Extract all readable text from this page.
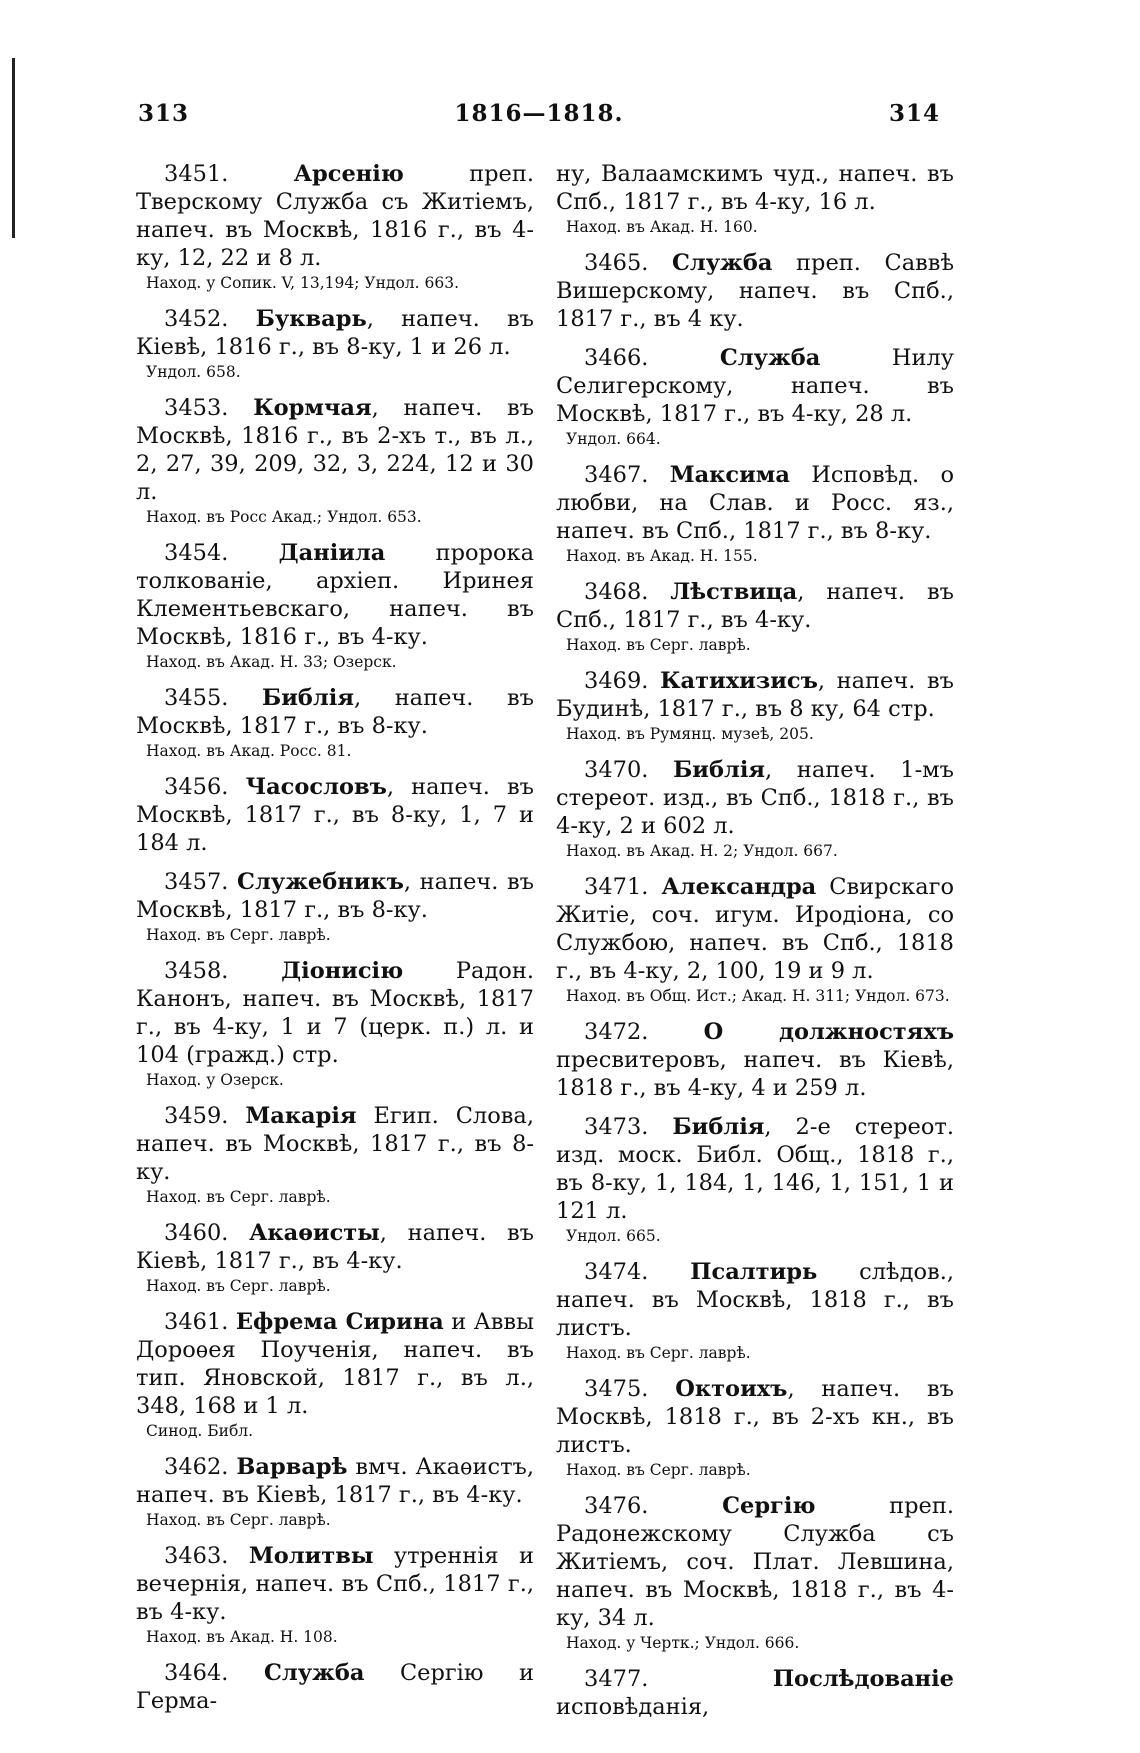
313	1816—1818.	314

3451.	Арсенію преп. Тверскому Служба съ Житіемъ, напеч. въ Москвѣ, 1816 г., въ 4-ку, 12, 22 и 8 л.

Наход. у Сопик. V, 13,194; Ундол. 663.

3452. Букварь, напеч. въ Кіевѣ, 1816 г., въ 8-ку, 1 и 26 л.

Ундол. 658.

3453. Кормчая, напеч. въ Москвѣ, 1816 г., въ 2-хъ т., въ л., 2, 27, 39, 209, 32, 3, 224, 12 и 30 л.

Наход. въ Росс Акад.; Ундол. 653.

3454. Даніила пророка толкованіе, архіеп. Иринея Клементьевскаго, напеч. въ Москвѣ, 1816 г., въ 4-ку.

Наход. въ Акад. Н. 33; Озерск.

3455. Библія, напеч. въ Москвѣ, 1817 г., въ 8-ку.

Наход. въ Акад. Росс. 81.

3456. Часословъ, напеч. въ Москвѣ, 1817 г., въ 8-ку, 1, 7 и 184 л.

3457. Служебникъ, напеч. въ Москвѣ, 1817 г., въ 8-ку.

Наход. въ Серг. лаврѣ.

3458. Діонисію Радон. Канонъ, напеч. въ Москвѣ, 1817 г., въ 4-ку, 1 и 7 (церк. п.) л. и 104 (гражд.) стр.

Наход. у Озерск.

3459. Макарія Егип. Слова, напеч. въ Москвѣ, 1817 г., въ 8-ку.

Наход. въ Серг. лаврѣ.

3460. Акаѳисты, напеч. въ Кіевѣ, 1817 г., въ 4-ку.

Наход. въ Серг. лаврѣ.

3461. Ефрема Сирина и Аввы Дороѳея Поученія, напеч. въ тип. Яновской, 1817 г., въ л., 348, 168 и 1 л.

Синод. Библ.

3462. Варварѣ вмч. Акаѳистъ, напеч. въ Кіевѣ, 1817 г., въ 4-ку.

Наход. въ Серг. лаврѣ.

3463. Молитвы утреннія и вечернія, напеч. въ Спб., 1817 г., въ 4-ку.

Наход. въ Акад. Н. 108.

3464. Служба Сергію и Герма-

ну, Валаамскимъ чуд., напеч. въ Спб., 1817 г., въ 4-ку, 16 л.

Наход. въ Акад. Н. 160.

3465. Служба преп. Саввѣ Вишерскому, напеч. въ Спб., 1817 г., въ 4 ку.

3466.	Служба Нилу Селигерскому, напеч. въ Москвѣ, 1817 г., въ 4-ку, 28 л.

Ундол. 664.

3467. Максима Исповѣд. о любви, на Слав. и Росс. яз., напеч. въ Спб., 1817 г., въ 8-ку.

Наход. въ Акад. Н. 155.

3468. Лѣствица, напеч. въ Спб., 1817 г., въ 4-ку.

Наход. въ Серг. лаврѣ.

3469. Катихизисъ, напеч. въ Будинѣ, 1817 г., въ 8 ку, 64 стр.

Наход. въ Румянц. музеѣ, 205.

3470. Библія, напеч. 1-мъ стереот. изд., въ Спб., 1818 г., въ 4-ку, 2 и 602 л.

Наход. въ Акад. Н. 2; Ундол. 667.

3471. Александра Свирскаго Житіе, соч. игум. Иродіона, со Службою, напеч. въ Спб., 1818 г., въ 4-ку, 2, 100, 19 и 9 л.

Наход. въ Общ. Ист.; Акад. Н. 311; Ундол. 673.

3472. О должностяхъ пресвитеровъ, напеч. въ Кіевѣ, 1818 г., въ 4-ку, 4 и 259 л.

3473. Библія, 2-е стереот. изд. моск. Библ. Общ., 1818 г., въ 8-ку, 1, 184, 1, 146, 1, 151, 1 и 121 л.

Ундол. 665.

3474. Псалтирь слѣдов., напеч. въ Москвѣ, 1818 г., въ листъ.

Наход. въ Серг. лаврѣ.

3475. Октоихъ, напеч. въ Москвѣ, 1818 г., въ 2-хъ кн., въ листъ.

Наход. въ Серг. лаврѣ.

3476.	Сергію преп. Радонежскому Служба съ Житіемъ, соч. Плат. Левшина, напеч. въ Москвѣ, 1818 г., въ 4-ку, 34 л.

Наход. у Чертк.; Ундол. 666.

3477.	Послѣдованіе исповѣданія,
